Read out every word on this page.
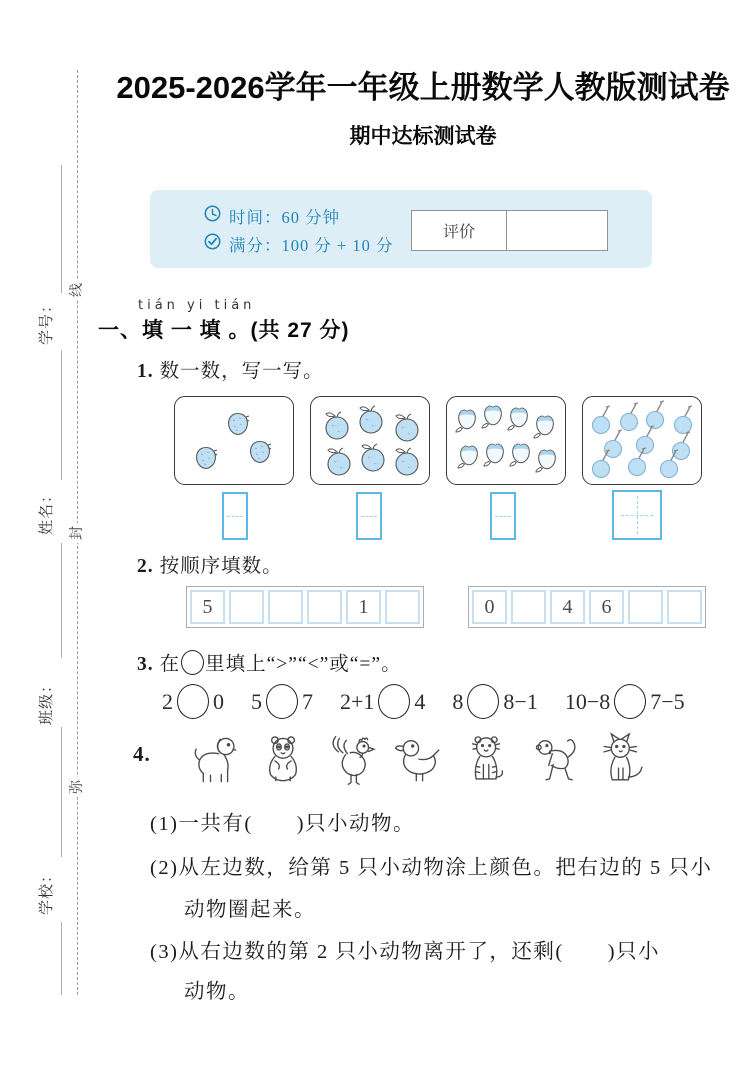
学号：
姓名：
班级：
学校：
线
封
弥
2025-2026学年一年级上册数学人教版测试卷
期中达标测试卷
时间：60 分钟
满分：100 分 + 10 分
评价
tián yi tián
一、填 一 填 。(共 27 分)
1. 数一数，写一写。
2. 按顺序填数。
5	1	0	4	6
3. 在 里填上“>”“<”或“=”。
2 0 5 7 2+1 4 8 8−1 10−8 7−5
4.
(1)一共有(　　)只小动物。
(2)从左边数，给第 5 只小动物涂上颜色。把右边的 5 只小
动物圈起来。
(3)从右边数的第 2 只小动物离开了，还剩(　　)只小
动物。
